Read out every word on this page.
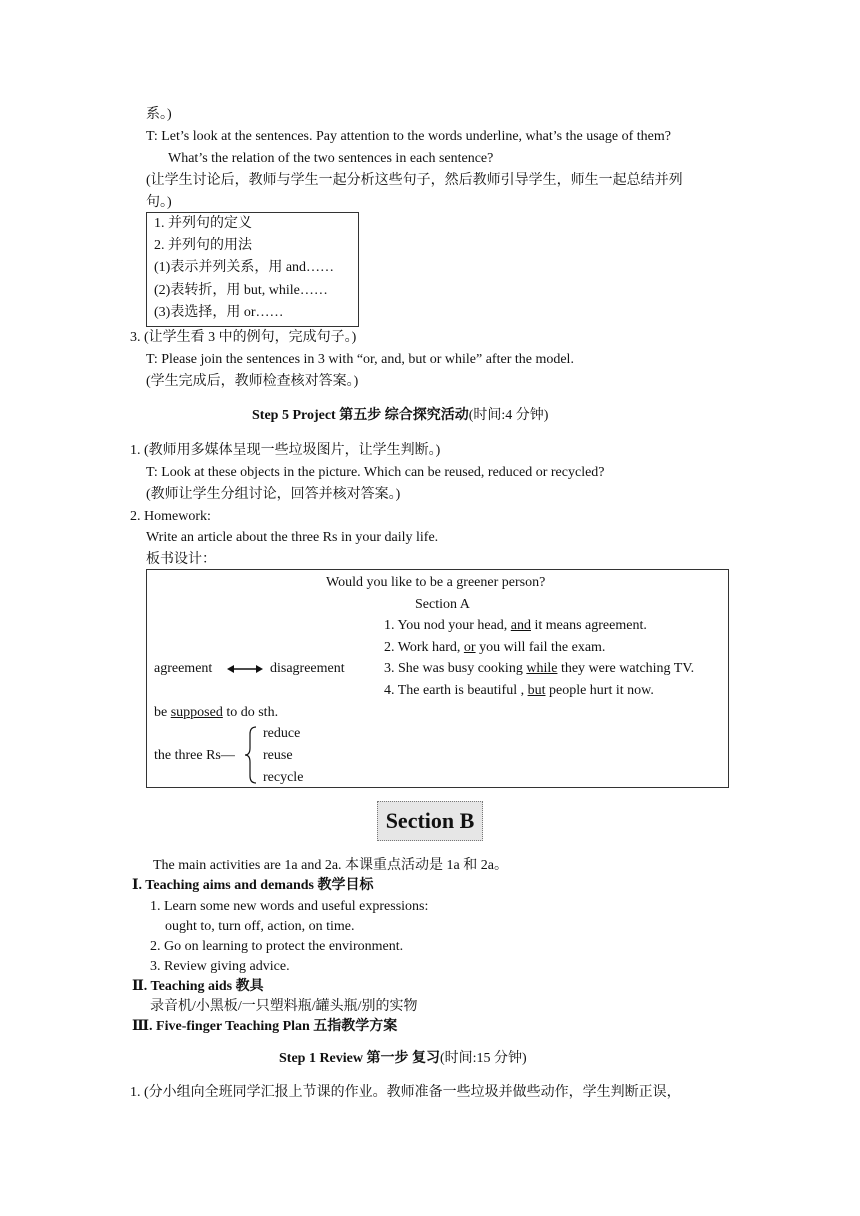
系。)
T: Let’s look at the sentences. Pay attention to the words underline, what’s the usage of them?
What’s the relation of the two sentences in each sentence?
(让学生讨论后，教师与学生一起分析这些句子，然后教师引导学生，师生一起总结并列
句。)
1. 并列句的定义
2. 并列句的用法
(1)表示并列关系，用 and……
(2)表转折，用 but, while……
(3)表选择，用 or……
3. (让学生看 3 中的例句，完成句子。)
T: Please join the sentences in 3 with “or, and, but or while” after the model.
(学生完成后，教师检查核对答案。)
Step 5 Project 第五步 综合探究活动(时间:4 分钟)
1. (教师用多媒体呈现一些垃圾图片，让学生判断。)
T: Look at these objects in the picture. Which can be reused, reduced or recycled?
(教师让学生分组讨论，回答并核对答案。)
2. Homework:
Write an article about the three Rs in your daily life.
板书设计：
Would you like to be a greener person?
Section A
1. You nod your head, and it means agreement.
2. Work hard, or you will fail the exam.
3. She was busy cooking while they were watching TV.
4. The earth is beautiful , but people hurt it now.
agreement	disagreement
be supposed to do sth.
the three Rs—
reduce
reuse
recycle
Section B
The main activities are 1a and 2a. 本课重点活动是 1a 和 2a。
Ⅰ. Teaching aims and demands 教学目标
1. Learn some new words and useful expressions:
ought to, turn off, action, on time.
2. Go on learning to protect the environment.
3. Review giving advice.
Ⅱ. Teaching aids 教具
录音机/小黑板/一只塑料瓶/罐头瓶/别的实物
Ⅲ. Five-finger Teaching Plan 五指教学方案
Step 1 Review 第一步 复习(时间:15 分钟)
1. (分小组向全班同学汇报上节课的作业。教师准备一些垃圾并做些动作，学生判断正误，
